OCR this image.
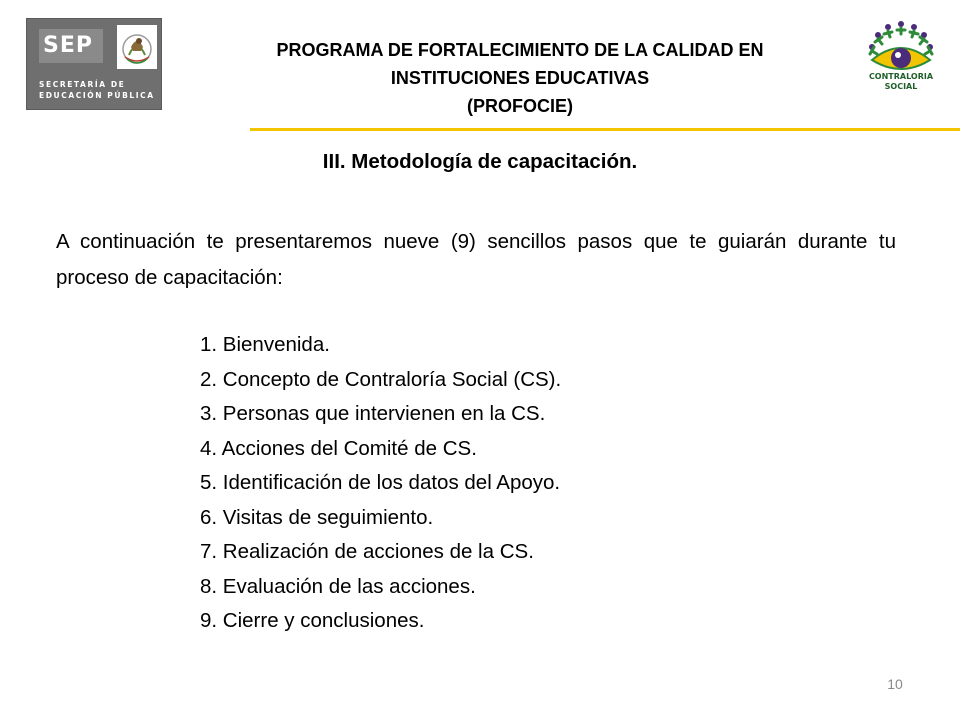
SEP
SECRETARÍA DE
EDUCACIÓN PÚBLICA
PROGRAMA DE FORTALECIMIENTO DE LA CALIDAD EN
INSTITUCIONES EDUCATIVAS
(PROFOCIE)
CONTRALORIA
SOCIAL
III. Metodología de capacitación.
A continuación te presentaremos nueve (9) sencillos pasos que te guiarán durante tu proceso de capacitación:
1. Bienvenida.
2. Concepto de Contraloría Social (CS).
3. Personas que intervienen en la CS.
4. Acciones del Comité de CS.
5. Identificación de los datos del Apoyo.
6. Visitas de seguimiento.
7. Realización de acciones de la CS.
8. Evaluación de las acciones.
9. Cierre y conclusiones.
10
